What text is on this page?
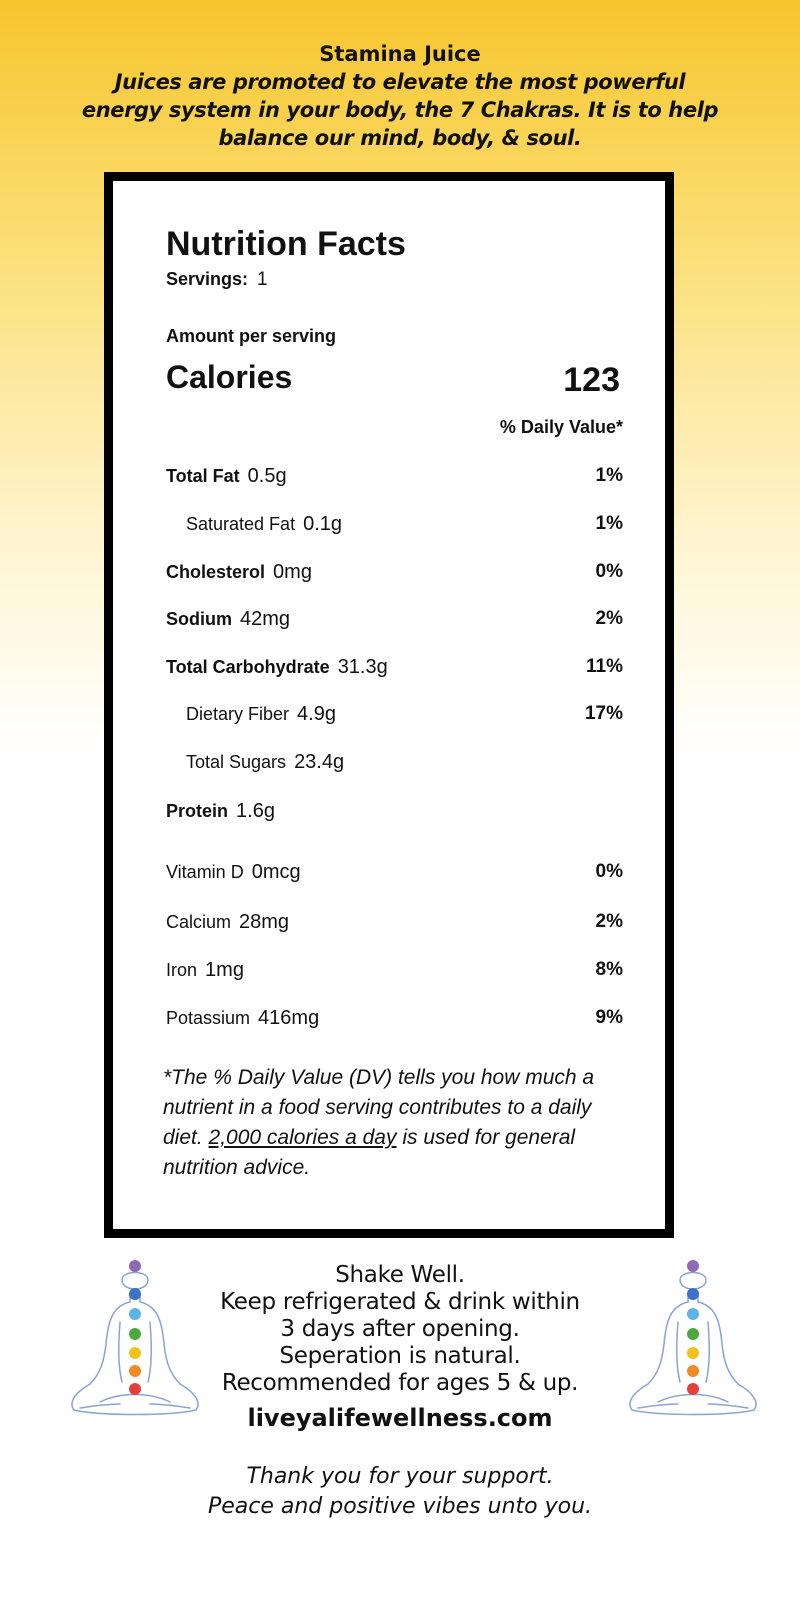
Stamina Juice
Juices are promoted to elevate the most powerful energy system in your body, the 7 Chakras. It is to help balance our mind, body, & soul.
Nutrition Facts
Servings: 1
Amount per serving
Calories	123
% Daily Value*
Total Fat 0.5g	1%
Saturated Fat 0.1g	1%
Cholesterol 0mg	0%
Sodium 42mg	2%
Total Carbohydrate 31.3g	11%
Dietary Fiber 4.9g	17%
Total Sugars 23.4g
Protein 1.6g
Vitamin D 0mcg	0%
Calcium 28mg	2%
Iron 1mg	8%
Potassium 416mg	9%
*The % Daily Value (DV) tells you how much a nutrient in a food serving contributes to a daily diet. 2,000 calories a day is used for general nutrition advice.
Shake Well.
Keep refrigerated & drink within
3 days after opening.
Seperation is natural.
Recommended for ages 5 & up.
liveyalifewellness.com
Thank you for your support.
Peace and positive vibes unto you.
